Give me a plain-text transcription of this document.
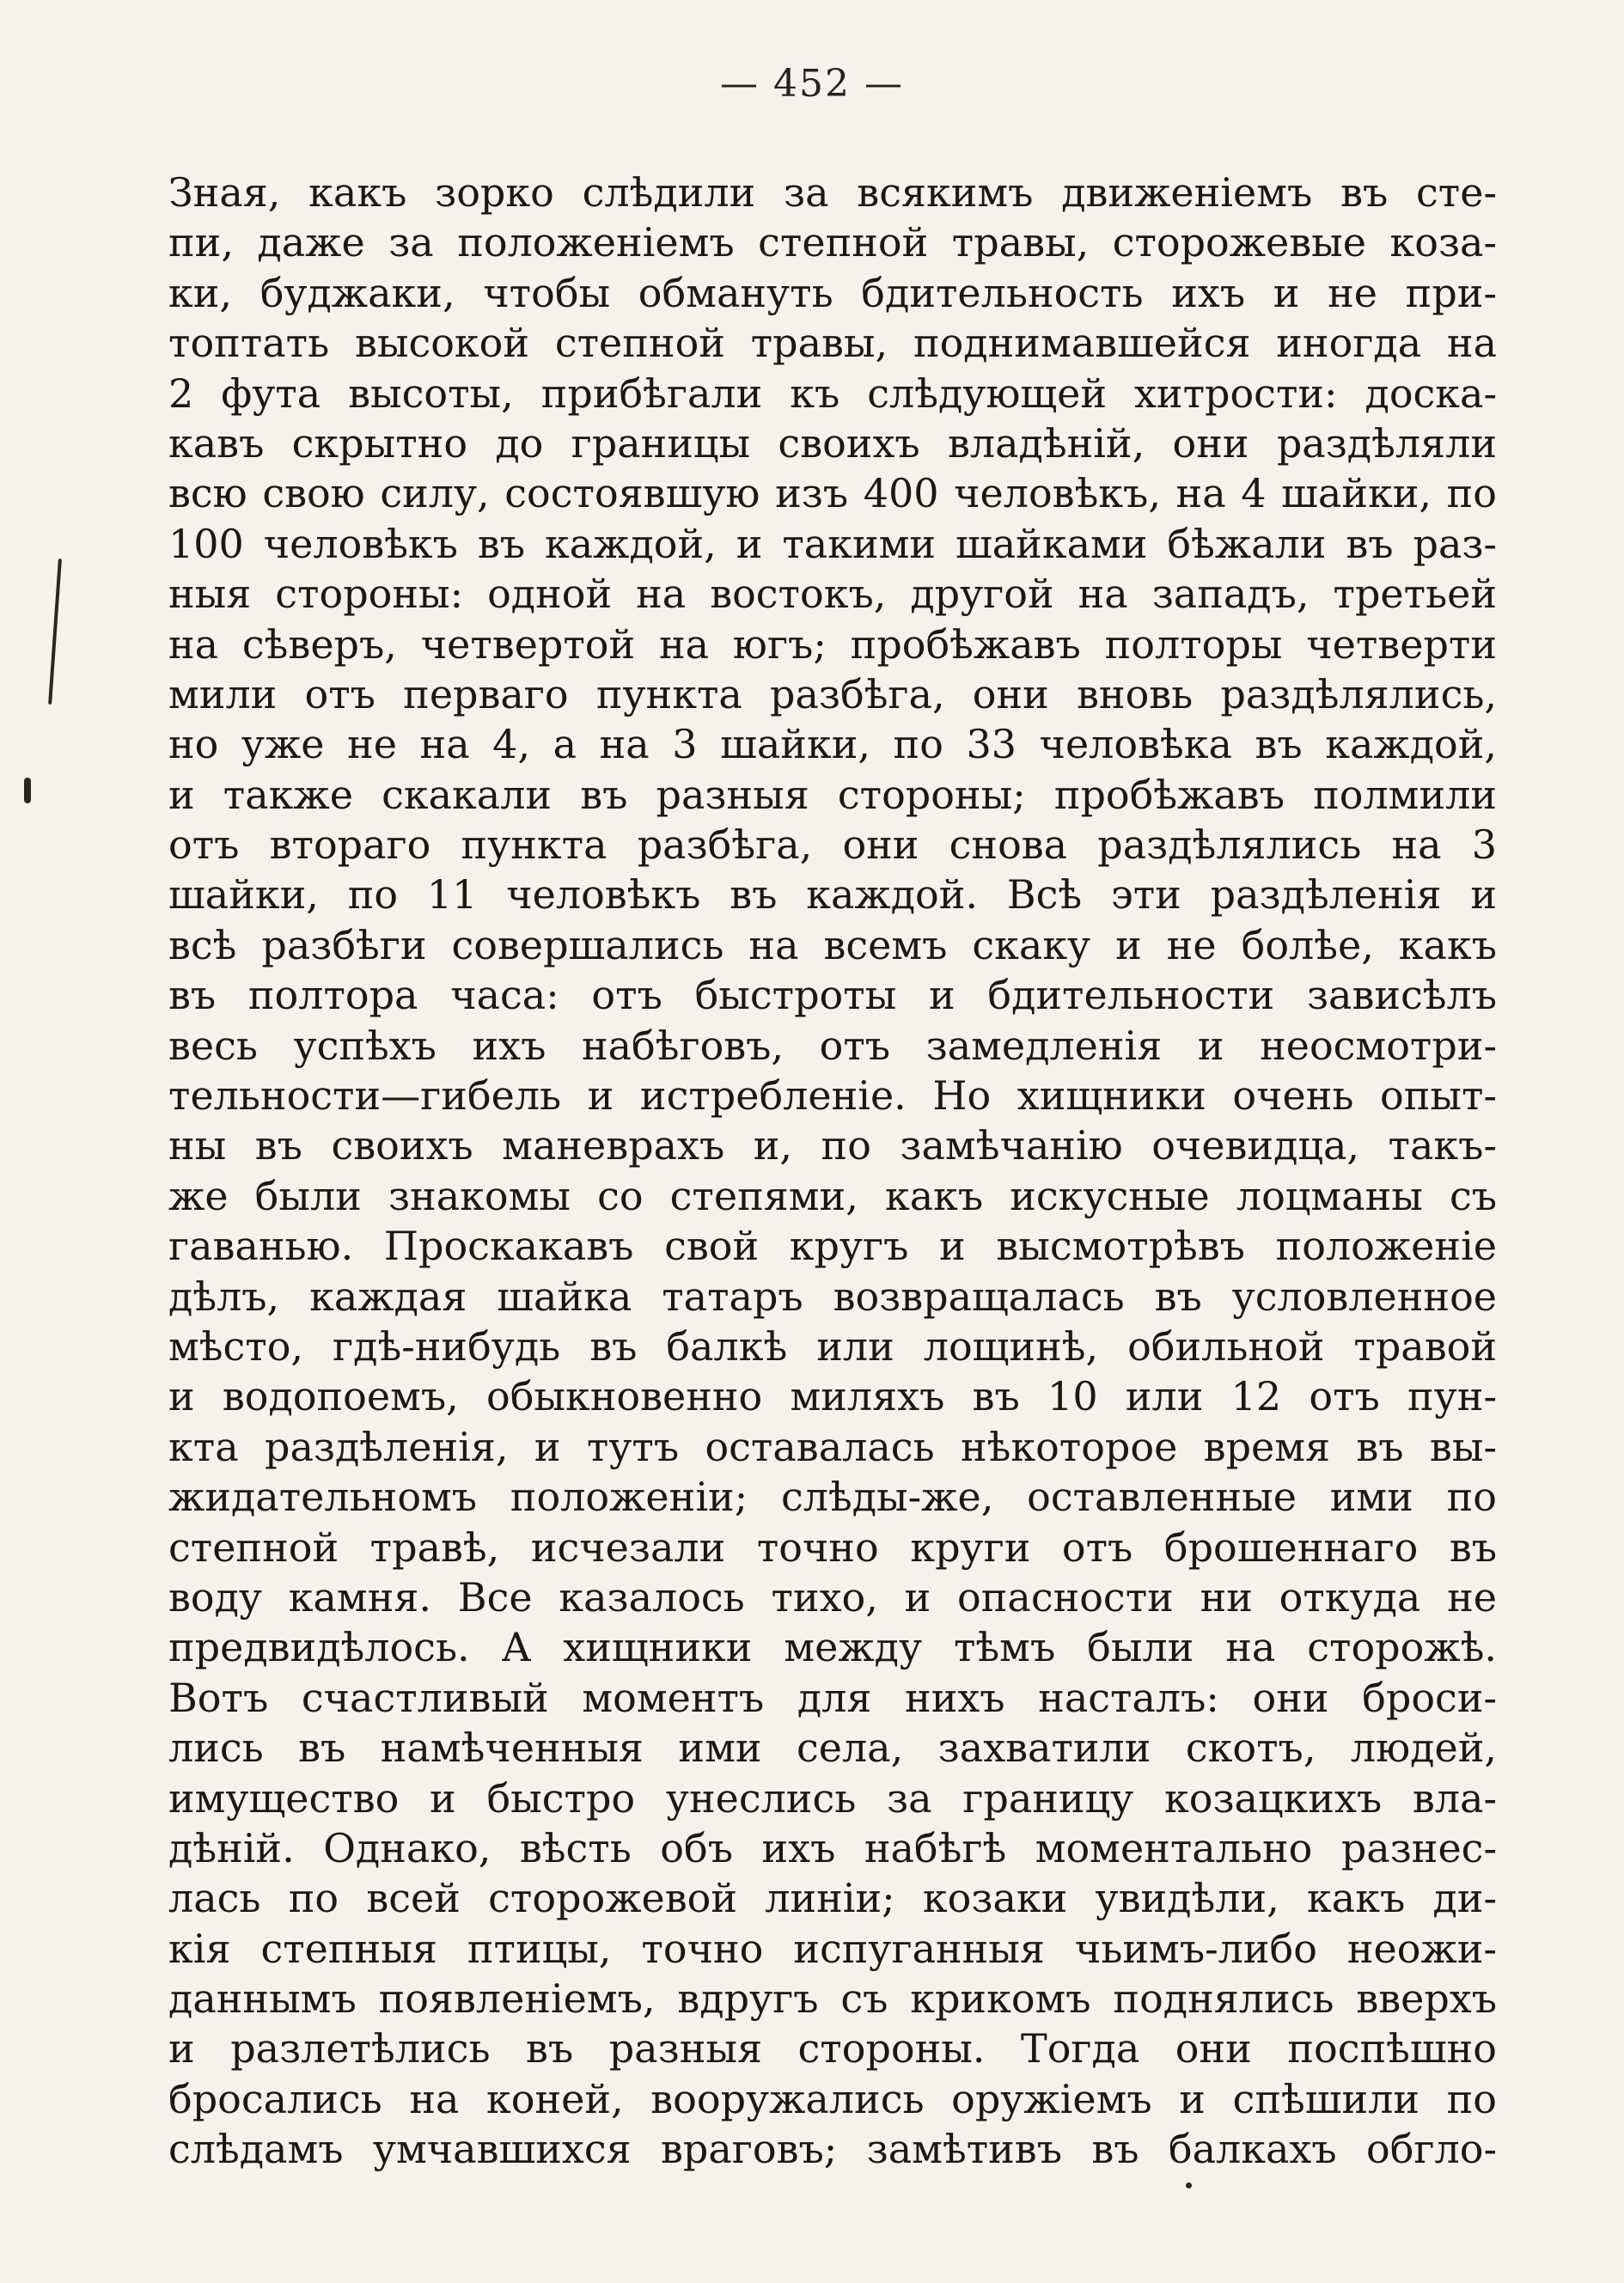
— 452 —
Зная, какъ зорко слѣдили за всякимъ движеніемъ въ сте-
пи, даже за положеніемъ степной травы, сторожевые коза-
ки, буджаки, чтобы обмануть бдительность ихъ и не при-
топтать высокой степной травы, поднимавшейся иногда на
2 фута высоты, прибѣгали къ слѣдующей хитрости: доска-
кавъ скрытно до границы своихъ владѣній, они раздѣляли
всю свою силу, состоявшую изъ 400 человѣкъ, на 4 шайки, по
100 человѣкъ въ каждой, и такими шайками бѣжали въ раз-
ныя стороны: одной на востокъ, другой на западъ, третьей
на сѣверъ, четвертой на югъ; пробѣжавъ полторы четверти
мили отъ перваго пункта разбѣга, они вновь раздѣлялись,
но уже не на 4, а на 3 шайки, по 33 человѣка въ каждой,
и также скакали въ разныя стороны; пробѣжавъ полмили
отъ втораго пункта разбѣга, они снова раздѣлялись на 3
шайки, по 11 человѣкъ въ каждой. Всѣ эти раздѣленія и
всѣ разбѣги совершались на всемъ скаку и не болѣе, какъ
въ полтора часа: отъ быстроты и бдительности зависѣлъ
весь успѣхъ ихъ набѣговъ, отъ замедленія и неосмотри-
тельности—гибель и истребленіе. Но хищники очень опыт-
ны въ своихъ маневрахъ и, по замѣчанію очевидца, такъ-
же были знакомы со степями, какъ искусные лоцманы съ
гаванью. Проскакавъ свой кругъ и высмотрѣвъ положеніе
дѣлъ, каждая шайка татаръ возвращалась въ условленное
мѣсто, гдѣ-нибудь въ балкѣ или лощинѣ, обильной травой
и водопоемъ, обыкновенно миляхъ въ 10 или 12 отъ пун-
кта раздѣленія, и тутъ оставалась нѣкоторое время въ вы-
жидательномъ положеніи; слѣды-же, оставленные ими по
степной травѣ, исчезали точно круги отъ брошеннаго въ
воду камня. Все казалось тихо, и опасности ни откуда не
предвидѣлось. А хищники между тѣмъ были на сторожѣ.
Вотъ счастливый моментъ для нихъ насталъ: они броси-
лись въ намѣченныя ими села, захватили скотъ, людей,
имущество и быстро унеслись за границу козацкихъ вла-
дѣній. Однако, вѣсть объ ихъ набѣгѣ моментально разнес-
лась по всей сторожевой линіи; козаки увидѣли, какъ ди-
кія степныя птицы, точно испуганныя чьимъ-либо неожи-
даннымъ появленіемъ, вдругъ съ крикомъ поднялись вверхъ
и разлетѣлись въ разныя стороны. Тогда они поспѣшно
бросались на коней, вооружались оружіемъ и спѣшили по
слѣдамъ умчавшихся враговъ; замѣтивъ въ балкахъ обгло-
